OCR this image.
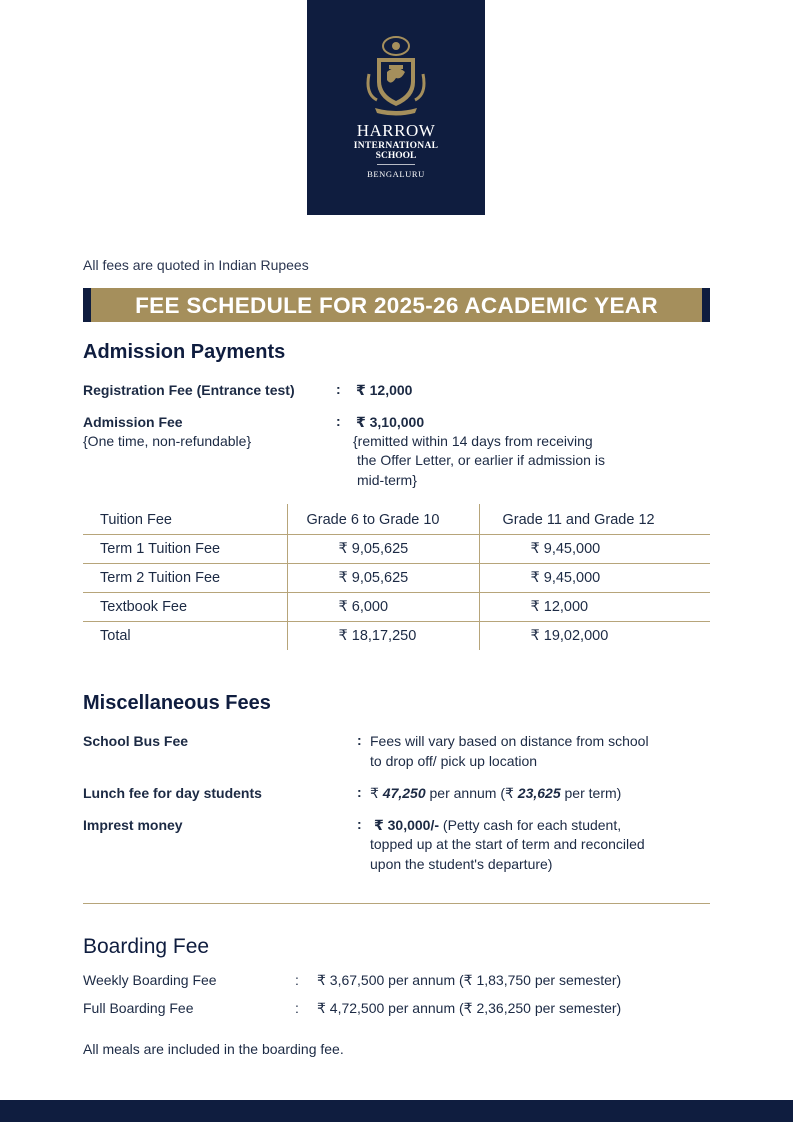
HARROW
INTERNATIONAL
SCHOOL
BENGALURU
All fees are quoted in Indian Rupees
FEE SCHEDULE FOR 2025-26 ACADEMIC YEAR
Admission Payments
Registration Fee (Entrance test)	: ₹ 12,000
Admission Fee
{One time, non-refundable}
: ₹ 3,10,000
{remitted within 14 days from receiving
the Offer Letter, or earlier if admission is
mid-term}
Tuition Fee	Grade 6 to Grade 10	Grade 11 and Grade 12
Term 1 Tuition Fee	₹ 9,05,625	₹ 9,45,000
Term 2 Tuition Fee	₹ 9,05,625	₹ 9,45,000
Textbook Fee	₹ 6,000	₹ 12,000
Total	₹ 18,17,250	₹ 19,02,000
Miscellaneous Fees
School Bus Fee	: Fees will vary based on distance from school
to drop off/ pick up location
Lunch fee for day students	: ₹ 47,250 per annum (₹ 23,625 per term)
Imprest money	: ₹ 30,000/- (Petty cash for each student,
topped up at the start of term and reconciled
upon the student's departure)
Boarding Fee
Weekly Boarding Fee	: ₹ 3,67,500 per annum (₹ 1,83,750 per semester)
Full Boarding Fee	: ₹ 4,72,500 per annum (₹ 2,36,250 per semester)
All meals are included in the boarding fee.
